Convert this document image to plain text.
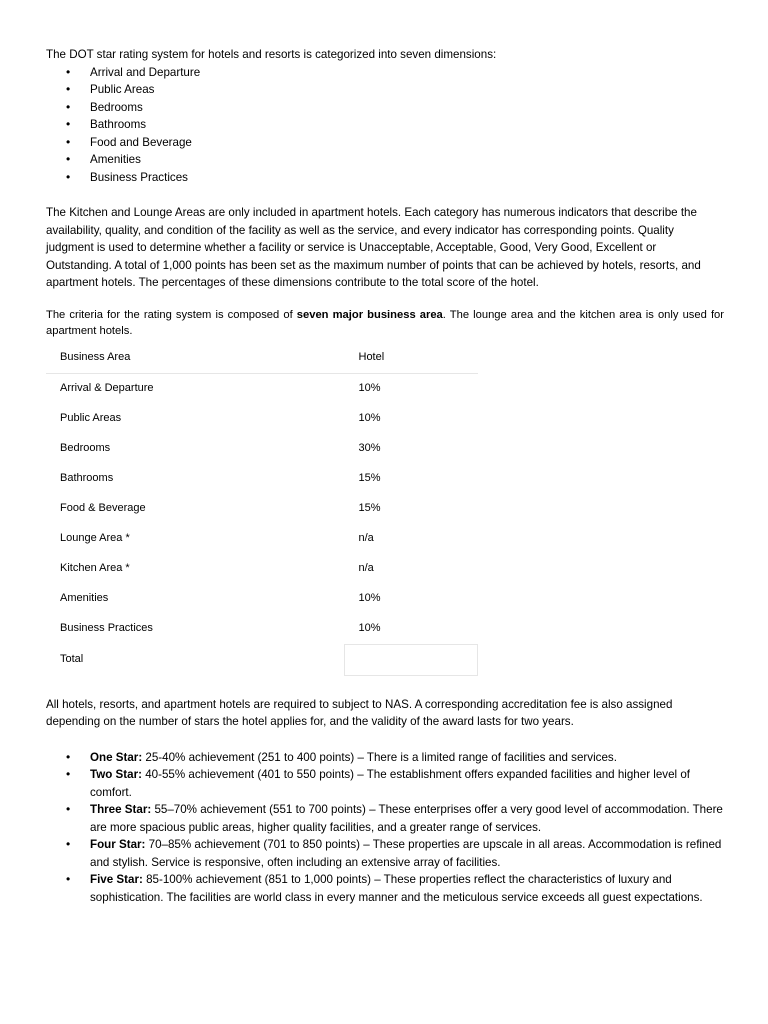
The DOT star rating system for hotels and resorts is categorized into seven dimensions:

• Arrival and Departure
• Public Areas
• Bedrooms
• Bathrooms
• Food and Beverage
• Amenities
• Business Practices

The Kitchen and Lounge Areas are only included in apartment hotels. Each category has numerous indicators that describe the availability, quality, and condition of the facility as well as the service, and every indicator has corresponding points. Quality judgment is used to determine whether a facility or service is Unacceptable, Acceptable, Good, Very Good, Excellent or Outstanding. A total of 1,000 points has been set as the maximum number of points that can be achieved by hotels, resorts, and apartment hotels. The percentages of these dimensions contribute to the total score of the hotel.

The criteria for the rating system is composed of seven major business area. The lounge area and the kitchen area is only used for apartment hotels.

Business Area	Hotel
Arrival & Departure	10%
Public Areas	10%
Bedrooms	30%
Bathrooms	15%
Food & Beverage	15%
Lounge Area *	n/a
Kitchen Area *	n/a
Amenities	10%
Business Practices	10%
Total	

All hotels, resorts, and apartment hotels are required to subject to NAS. A corresponding accreditation fee is also assigned depending on the number of stars the hotel applies for, and the validity of the award lasts for two years.

• One Star: 25-40% achievement (251 to 400 points) – There is a limited range of facilities and services.
• Two Star: 40-55% achievement (401 to 550 points) – The establishment offers expanded facilities and higher level of comfort.
• Three Star: 55–70% achievement (551 to 700 points) – These enterprises offer a very good level of accommodation. There are more spacious public areas, higher quality facilities, and a greater range of services.
• Four Star: 70–85% achievement (701 to 850 points) – These properties are upscale in all areas. Accommodation is refined and stylish. Service is responsive, often including an extensive array of facilities.
• Five Star: 85-100% achievement (851 to 1,000 points) – These properties reflect the characteristics of luxury and sophistication. The facilities are world class in every manner and the meticulous service exceeds all guest expectations.
